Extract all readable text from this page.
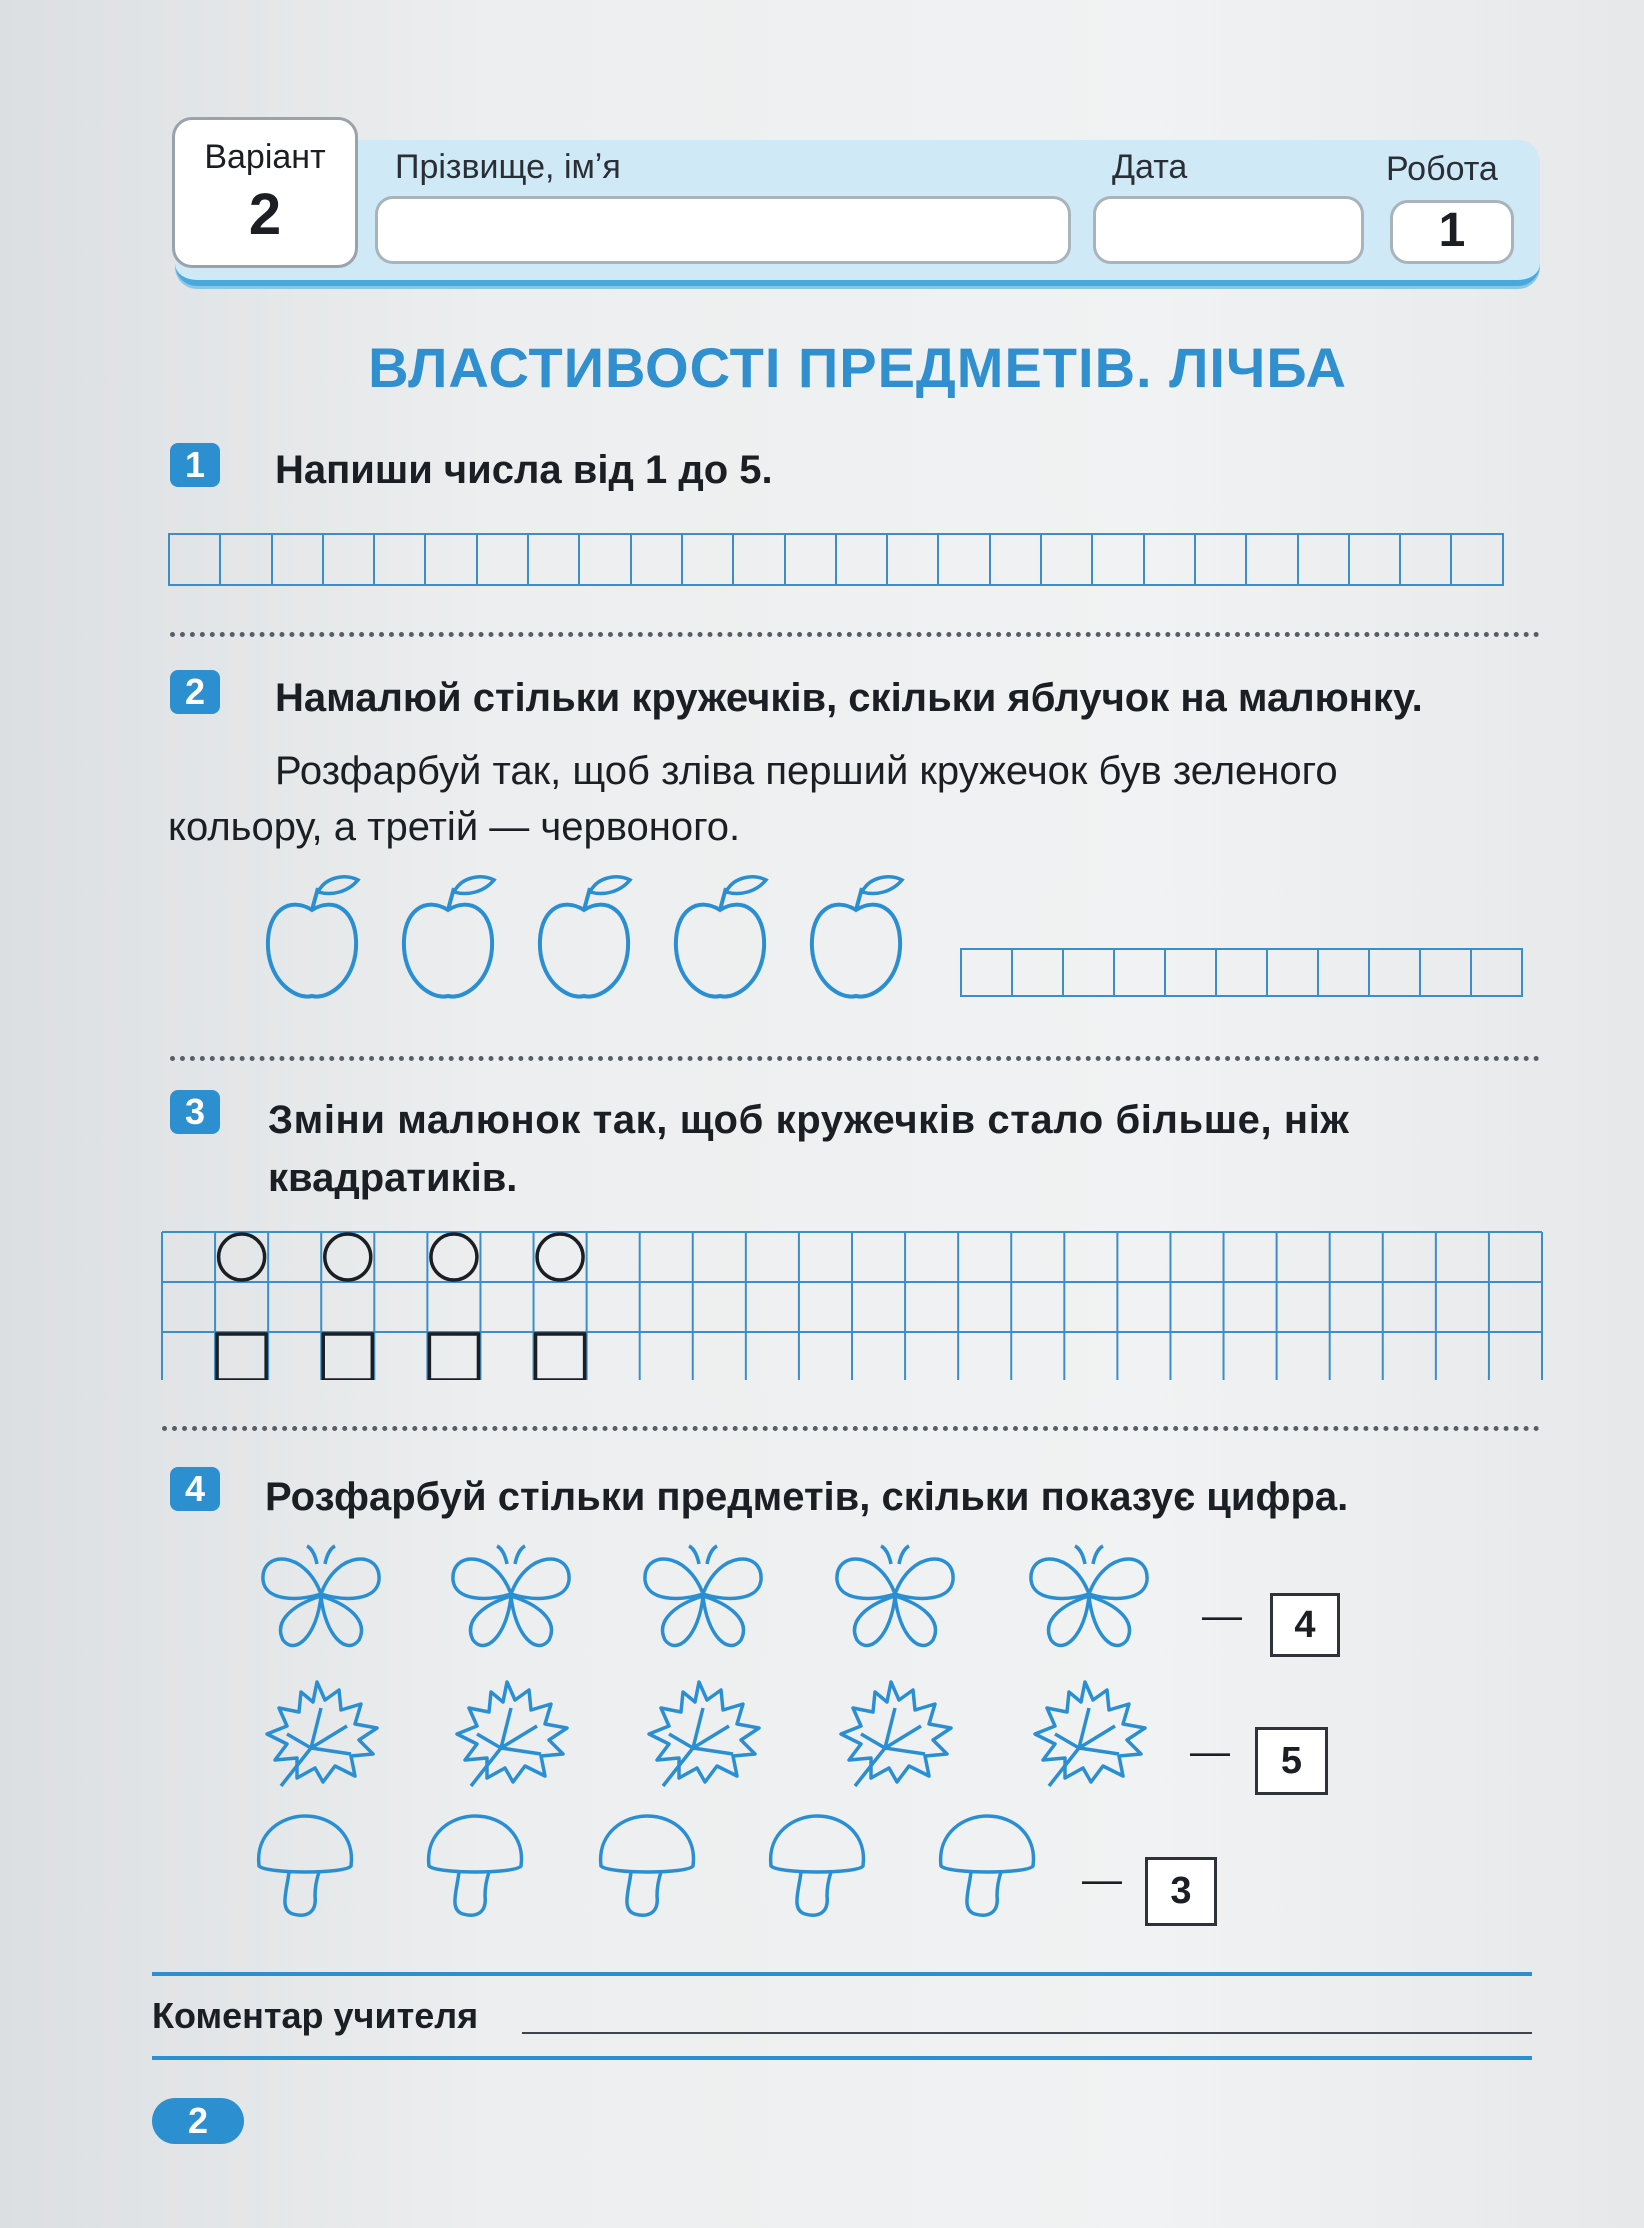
Варіант
2
Прізвище, імʼя	Дата	Робота
1
ВЛАСТИВОСТІ ПРЕДМЕТІВ. ЛІЧБА
1	Напиши числа від 1 до 5.
2	Намалюй стільки кружечків, скільки яблучок на малюнку.
Розфарбуй так, щоб зліва перший кружечок був зеленого
кольору, а третій — червоного.
3	Зміни малюнок так, щоб кружечків стало більше, ніж
квадратиків.
4	Розфарбуй стільки предметів, скільки показує цифра.
—	4
—	5
—	3
Коментар учителя
2
